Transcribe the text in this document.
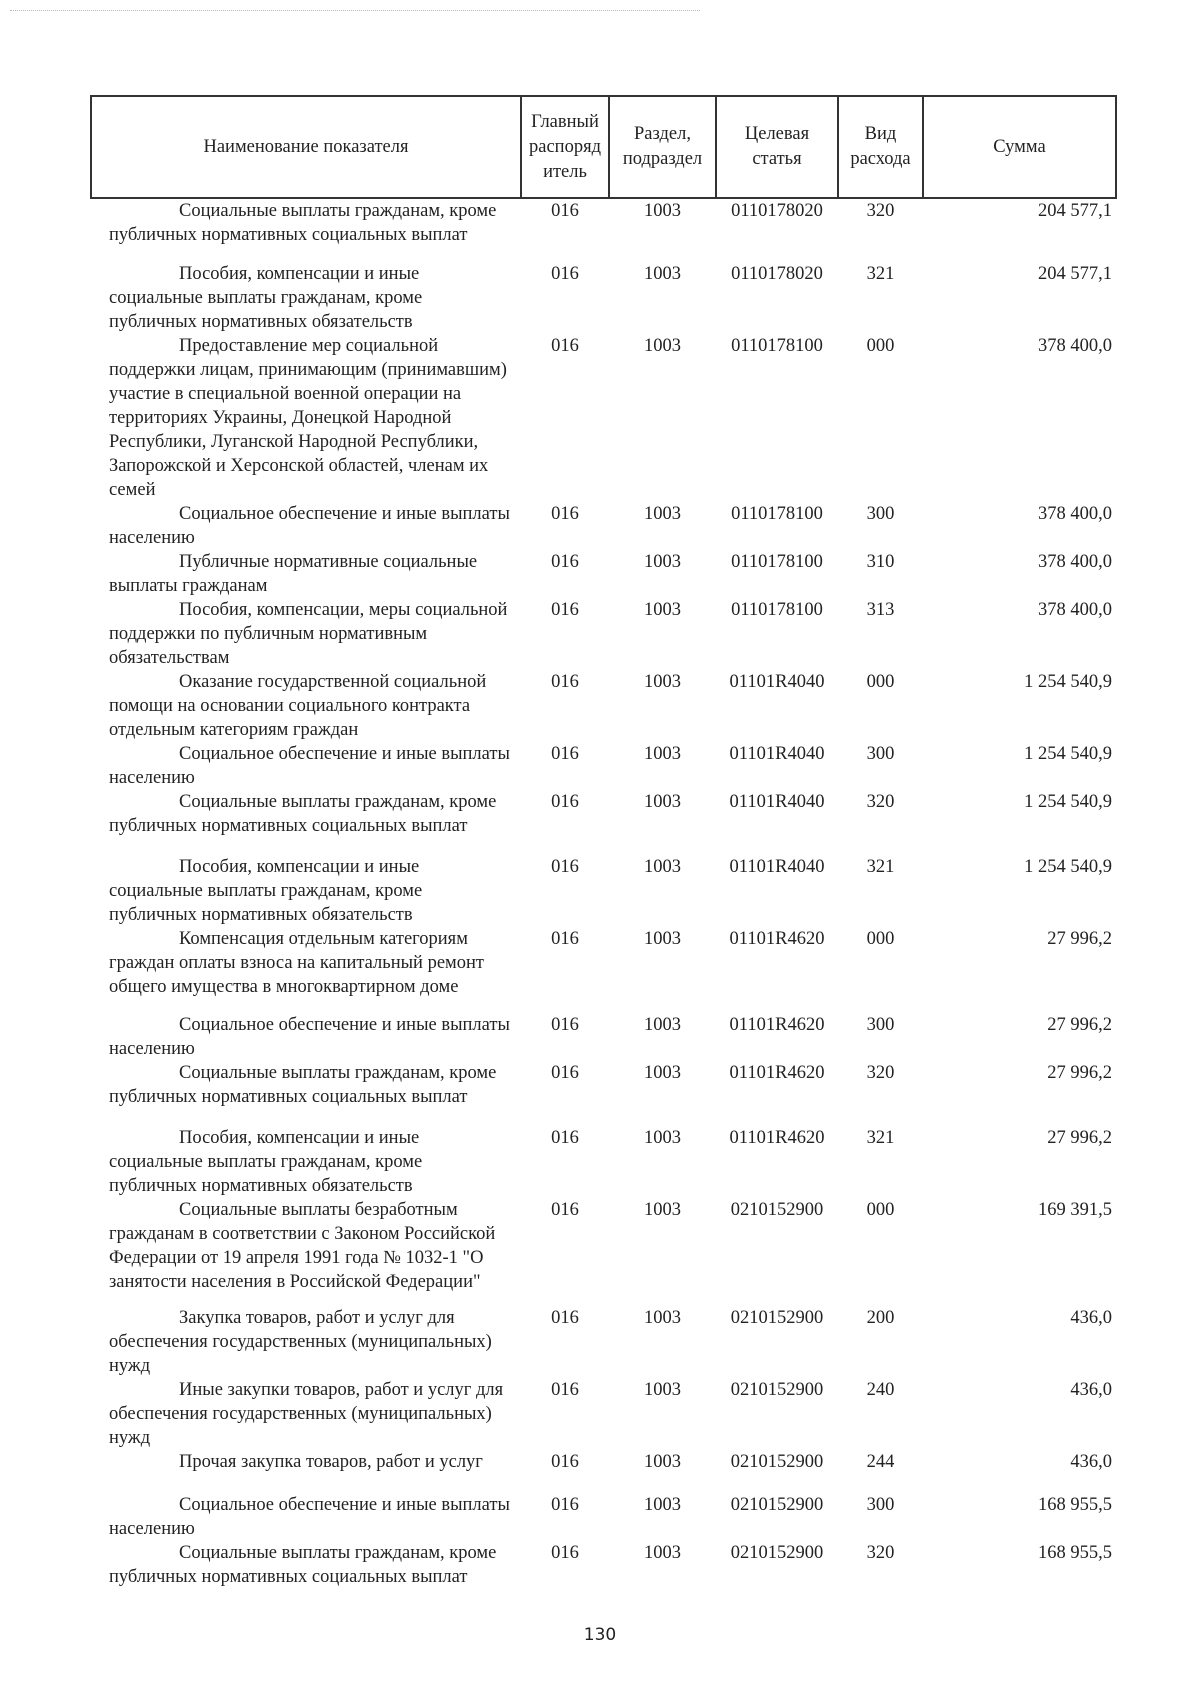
Наименование показателя	Главный распоряд итель	Раздел, подраздел	Целевая статья	Вид расхода	Сумма
Социальные выплаты гражданам, кроме публичных нормативных социальных выплат	016	1003	0110178020	320	204 577,1
Пособия, компенсации и иные социальные выплаты гражданам, кроме публичных нормативных обязательств	016	1003	0110178020	321	204 577,1
Предоставление мер социальной поддержки лицам, принимающим (принимавшим) участие в специальной военной операции на территориях Украины, Донецкой Народной Республики, Луганской Народной Республики, Запорожской и Херсонской областей, членам их семей	016	1003	0110178100	000	378 400,0
Социальное обеспечение и иные выплаты населению	016	1003	0110178100	300	378 400,0
Публичные нормативные социальные выплаты гражданам	016	1003	0110178100	310	378 400,0
Пособия, компенсации, меры социальной поддержки по публичным нормативным обязательствам	016	1003	0110178100	313	378 400,0
Оказание государственной социальной помощи на основании социального контракта отдельным категориям граждан	016	1003	01101R4040	000	1 254 540,9
Социальное обеспечение и иные выплаты населению	016	1003	01101R4040	300	1 254 540,9
Социальные выплаты гражданам, кроме публичных нормативных социальных выплат	016	1003	01101R4040	320	1 254 540,9
Пособия, компенсации и иные социальные выплаты гражданам, кроме публичных нормативных обязательств	016	1003	01101R4040	321	1 254 540,9
Компенсация отдельным категориям граждан оплаты взноса на капитальный ремонт общего имущества в многоквартирном доме	016	1003	01101R4620	000	27 996,2
Социальное обеспечение и иные выплаты населению	016	1003	01101R4620	300	27 996,2
Социальные выплаты гражданам, кроме публичных нормативных социальных выплат	016	1003	01101R4620	320	27 996,2
Пособия, компенсации и иные социальные выплаты гражданам, кроме публичных нормативных обязательств	016	1003	01101R4620	321	27 996,2
Социальные выплаты безработным гражданам в соответствии с Законом Российской Федерации от 19 апреля 1991 года № 1032-1 "О занятости населения в Российской Федерации"	016	1003	0210152900	000	169 391,5
Закупка товаров, работ и услуг для обеспечения государственных (муниципальных) нужд	016	1003	0210152900	200	436,0
Иные закупки товаров, работ и услуг для обеспечения государственных (муниципальных) нужд	016	1003	0210152900	240	436,0
Прочая закупка товаров, работ и услуг	016	1003	0210152900	244	436,0
Социальное обеспечение и иные выплаты населению	016	1003	0210152900	300	168 955,5
Социальные выплаты гражданам, кроме публичных нормативных социальных выплат	016	1003	0210152900	320	168 955,5
130
